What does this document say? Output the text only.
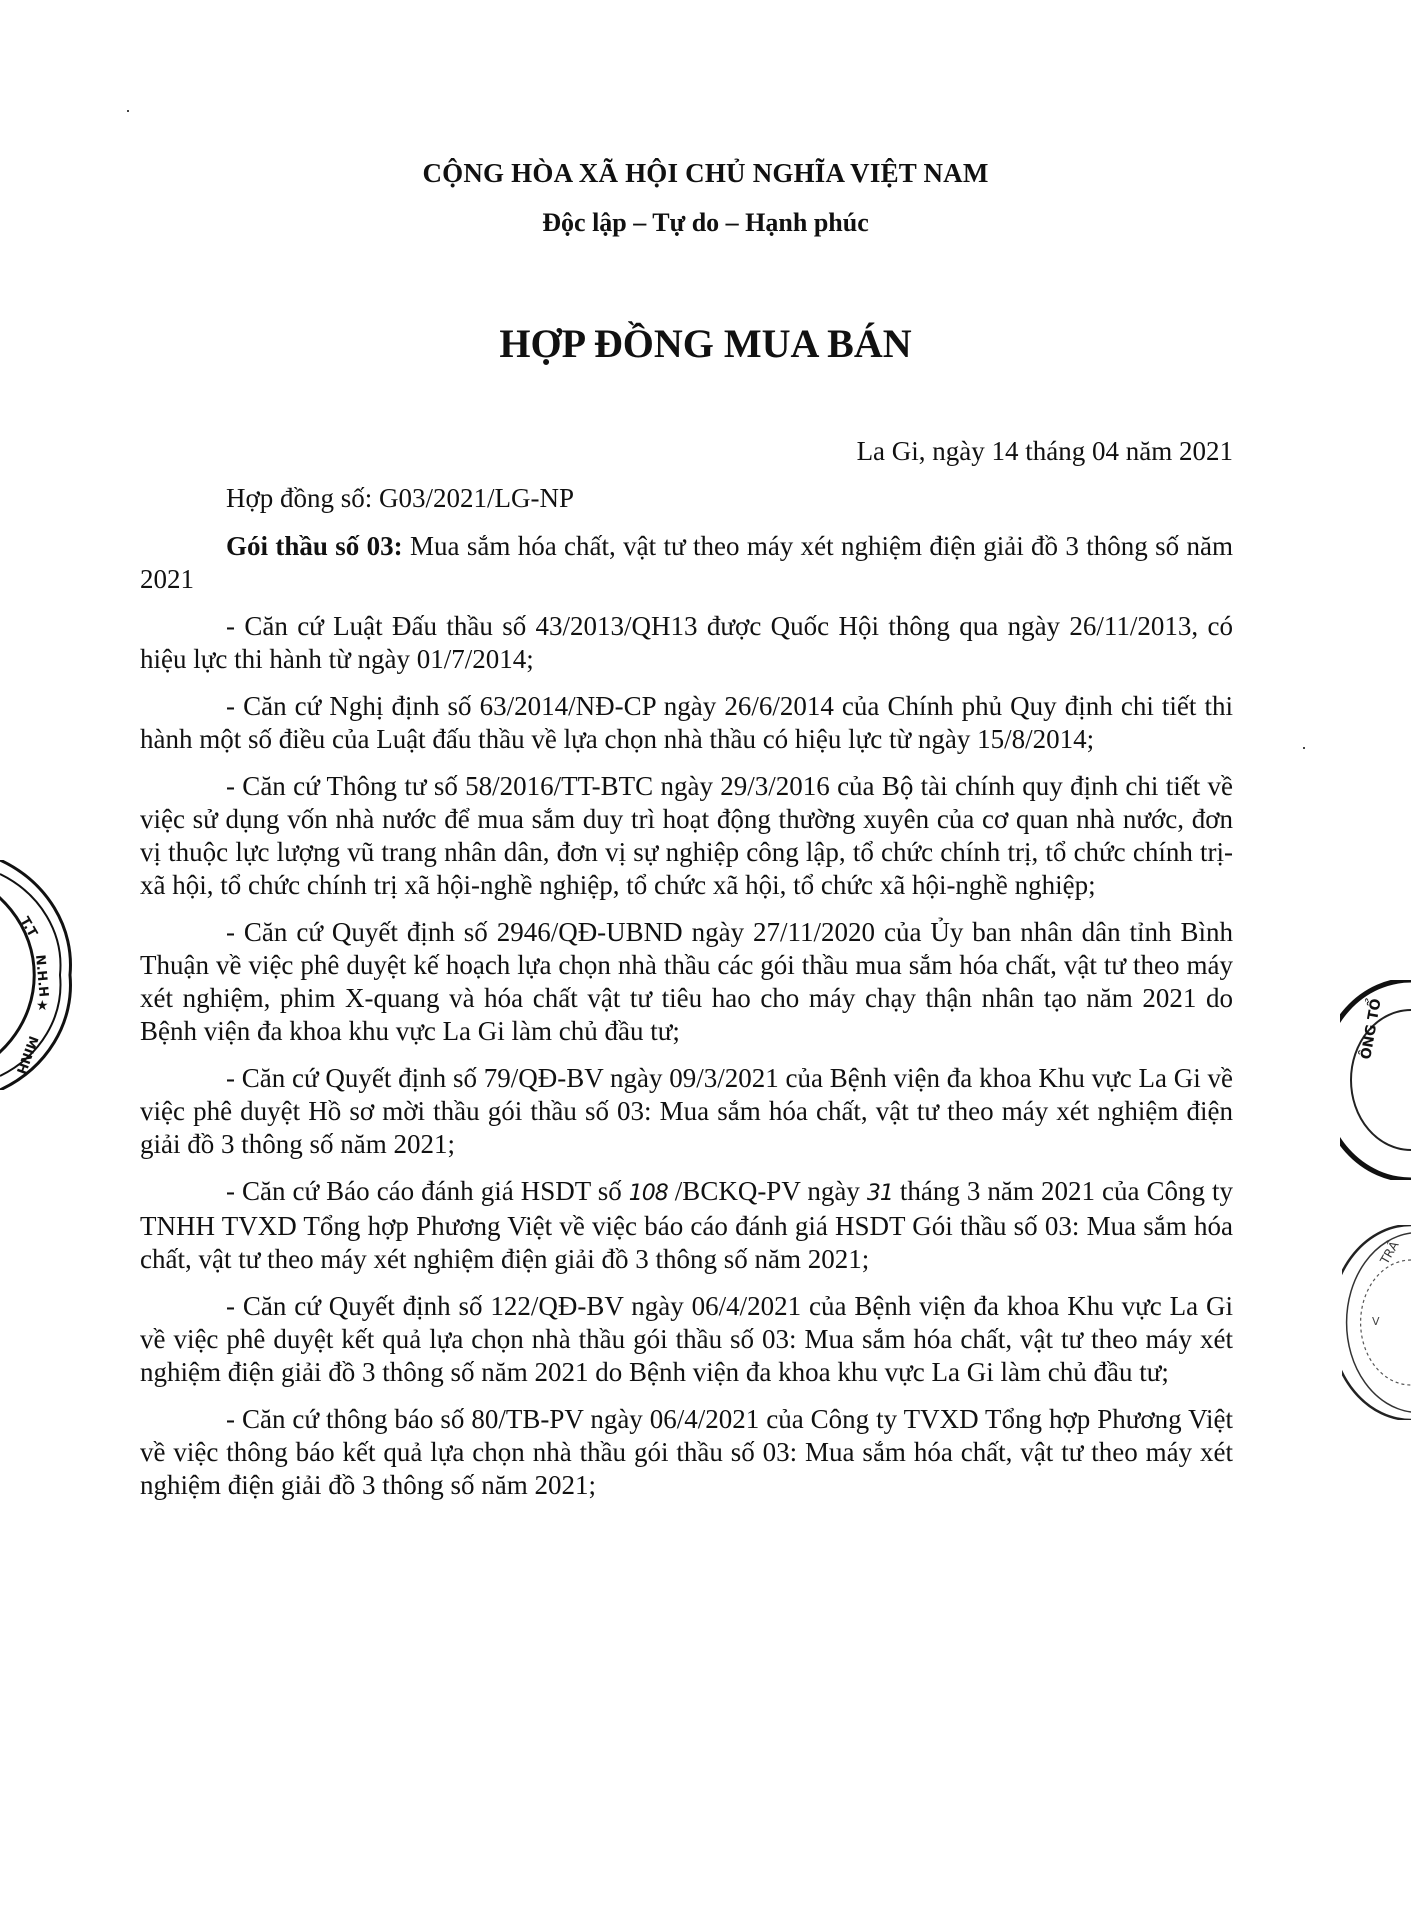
CỘNG HÒA XÃ HỘI CHỦ NGHĨA VIỆT NAM
Độc lập – Tự do – Hạnh phúc
HỢP ĐỒNG MUA BÁN
La Gi, ngày 14 tháng 04 năm 2021
Hợp đồng số: G03/2021/LG-NP

Gói thầu số 03: Mua sắm hóa chất, vật tư theo máy xét nghiệm điện giải đồ 3 thông số năm 2021

- Căn cứ Luật Đấu thầu số 43/2013/QH13 được Quốc Hội thông qua ngày 26/11/2013, có hiệu lực thi hành từ ngày 01/7/2014;

- Căn cứ Nghị định số 63/2014/NĐ-CP ngày 26/6/2014 của Chính phủ Quy định chi tiết thi hành một số điều của Luật đấu thầu về lựa chọn nhà thầu có hiệu lực từ ngày 15/8/2014;

- Căn cứ Thông tư số 58/2016/TT-BTC ngày 29/3/2016 của Bộ tài chính quy định chi tiết về việc sử dụng vốn nhà nước để mua sắm duy trì hoạt động thường xuyên của cơ quan nhà nước, đơn vị thuộc lực lượng vũ trang nhân dân, đơn vị sự nghiệp công lập, tổ chức chính trị, tổ chức chính trị-xã hội, tổ chức chính trị xã hội-nghề nghiệp, tổ chức xã hội, tổ chức xã hội-nghề nghiệp;

- Căn cứ Quyết định số 2946/QĐ-UBND ngày 27/11/2020 của Ủy ban nhân dân tỉnh Bình Thuận về việc phê duyệt kế hoạch lựa chọn nhà thầu các gói thầu mua sắm hóa chất, vật tư theo máy xét nghiệm, phim X-quang và hóa chất vật tư tiêu hao cho máy chạy thận nhân tạo năm 2021 do Bệnh viện đa khoa khu vực La Gi làm chủ đầu tư;

- Căn cứ Quyết định số 79/QĐ-BV ngày 09/3/2021 của Bệnh viện đa khoa Khu vực La Gi về việc phê duyệt Hồ sơ mời thầu gói thầu số 03: Mua sắm hóa chất, vật tư theo máy xét nghiệm điện giải đồ 3 thông số năm 2021;

- Căn cứ Báo cáo đánh giá HSDT số 108 /BCKQ-PV ngày 31 tháng 3 năm 2021 của Công ty TNHH TVXD Tổng hợp Phương Việt về việc báo cáo đánh giá HSDT Gói thầu số 03: Mua sắm hóa chất, vật tư theo máy xét nghiệm điện giải đồ 3 thông số năm 2021;

- Căn cứ Quyết định số 122/QĐ-BV ngày 06/4/2021 của Bệnh viện đa khoa Khu vực La Gi về việc phê duyệt kết quả lựa chọn nhà thầu gói thầu số 03: Mua sắm hóa chất, vật tư theo máy xét nghiệm điện giải đồ 3 thông số năm 2021 do Bệnh viện đa khoa khu vực La Gi làm chủ đầu tư;

- Căn cứ thông báo số 80/TB-PV ngày 06/4/2021 của Công ty TVXD Tổng hợp Phương Việt về việc thông báo kết quả lựa chọn nhà thầu gói thầu số 03: Mua sắm hóa chất, vật tư theo máy xét nghiệm điện giải đồ 3 thông số năm 2021;

T.T
N.H.H
★
MINH	ÔNG TỔ
TRẦ
V
